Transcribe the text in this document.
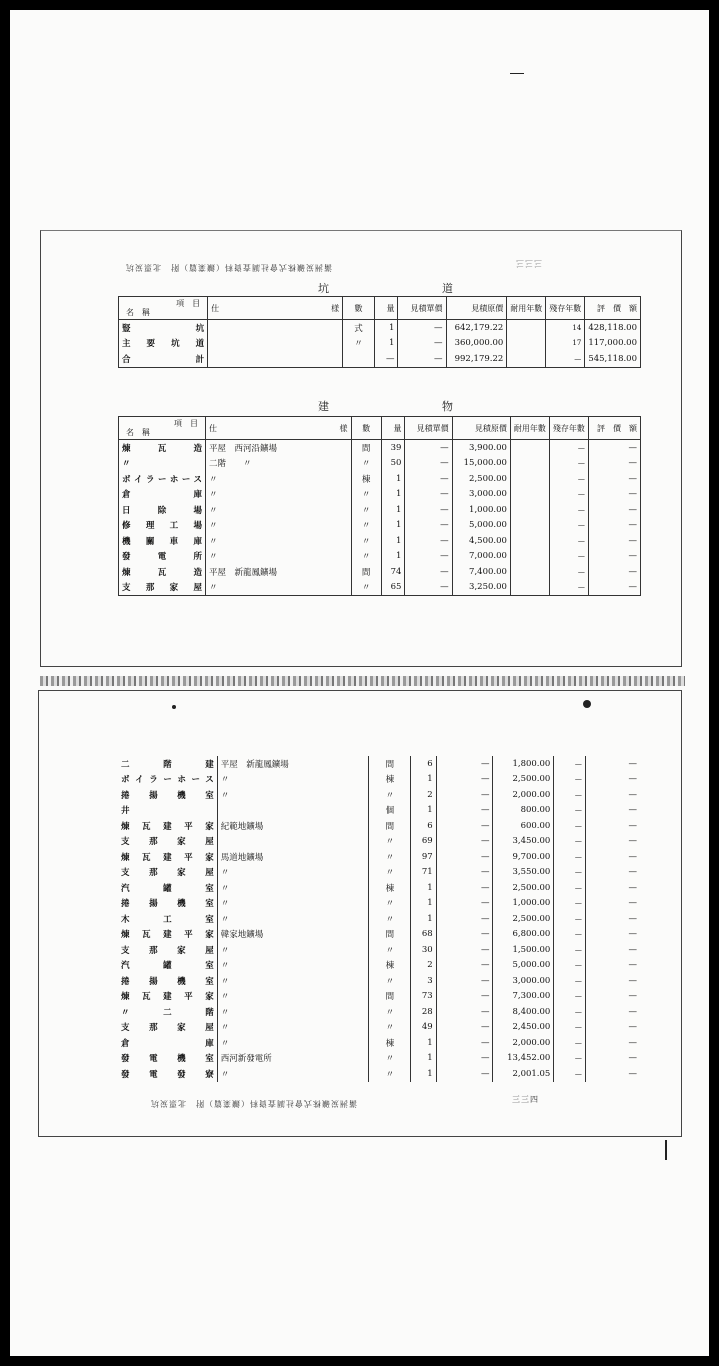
滿洲炭礦株式會社調査資料（鑛業篇）附　北票炭坑	三三三
坑　　　道
項　目
名　稱	仕 様	數	量	見積單價	見積原價	耐用年數	殘存年數	評　價　額
豎　　　坑		式	1	—	642,179.22		14	428,118.00
主　要　坑　道		〃	1	—	360,000.00		17	117,000.00
合　　　計			—	—	992,179.22		—	545,118.00
建　　　物
項　目
名　稱	仕 様	數	量	見積單價	見積原價	耐用年數	殘存年數	評　價　額
煉　瓦　造	平屋　西河沿鑛場	間	39	—	3,900.00		—	—
〃	二階　　〃	〃	50	—	15,000.00		—	—
ボイラーホース	〃	棟	1	—	2,500.00		—	—
倉　　　庫	〃	〃	1	—	3,000.00		—	—
日　除　場	〃	〃	1	—	1,000.00		—	—
修　理　工　場	〃	〃	1	—	5,000.00		—	—
機　關　車　庫	〃	〃	1	—	4,500.00		—	—
發　電　所	〃	〃	1	—	7,000.00		—	—
煉　瓦　造	平屋　新龍鳳鑛場	間	74	—	7,400.00		—	—
支　那　家　屋	〃	〃	65	—	3,250.00		—	—
二　階　建	平屋　新龍鳳鑛場	間	6	—	1,800.00	—	—
ボイラーホース	〃	棟	1	—	2,500.00	—	—
捲　揚　機　室	〃	〃	2	—	2,000.00	—	—
井		個	1	—	800.00	—	—
煉　瓦　建　平　家	紀範地鑛場	間	6	—	600.00	—	—
支　那　家　屋		〃	69	—	3,450.00	—	—
煉　瓦　建　平　家	馬道地鑛場	〃	97	—	9,700.00	—	—
支　那　家　屋	〃	〃	71	—	3,550.00	—	—
汽　罐　室	〃	棟	1	—	2,500.00	—	—
捲　揚　機　室	〃	〃	1	—	1,000.00	—	—
木　工　室	〃	〃	1	—	2,500.00	—	—
煉　瓦　建　平　家	韓家地鑛場	間	68	—	6,800.00	—	—
支　那　家　屋	〃	〃	30	—	1,500.00	—	—
汽　罐　室	〃	棟	2	—	5,000.00	—	—
捲　揚　機　室	〃	〃	3	—	3,000.00	—	—
煉　瓦　建　平　家	〃	間	73	—	7,300.00	—	—
〃　二　階	〃	〃	28	—	8,400.00	—	—
支　那　家　屋	〃	〃	49	—	2,450.00	—	—
倉　　　庫	〃	棟	1	—	2,000.00	—	—
發　電　機　室	西河新發電所	〃	1	—	13,452.00	—	—
發　電　發　寮	〃	〃	1	—	2,001.05	—	—
滿洲炭礦株式會社調査資料（鑛業篇）附　北票炭坑	三三四
